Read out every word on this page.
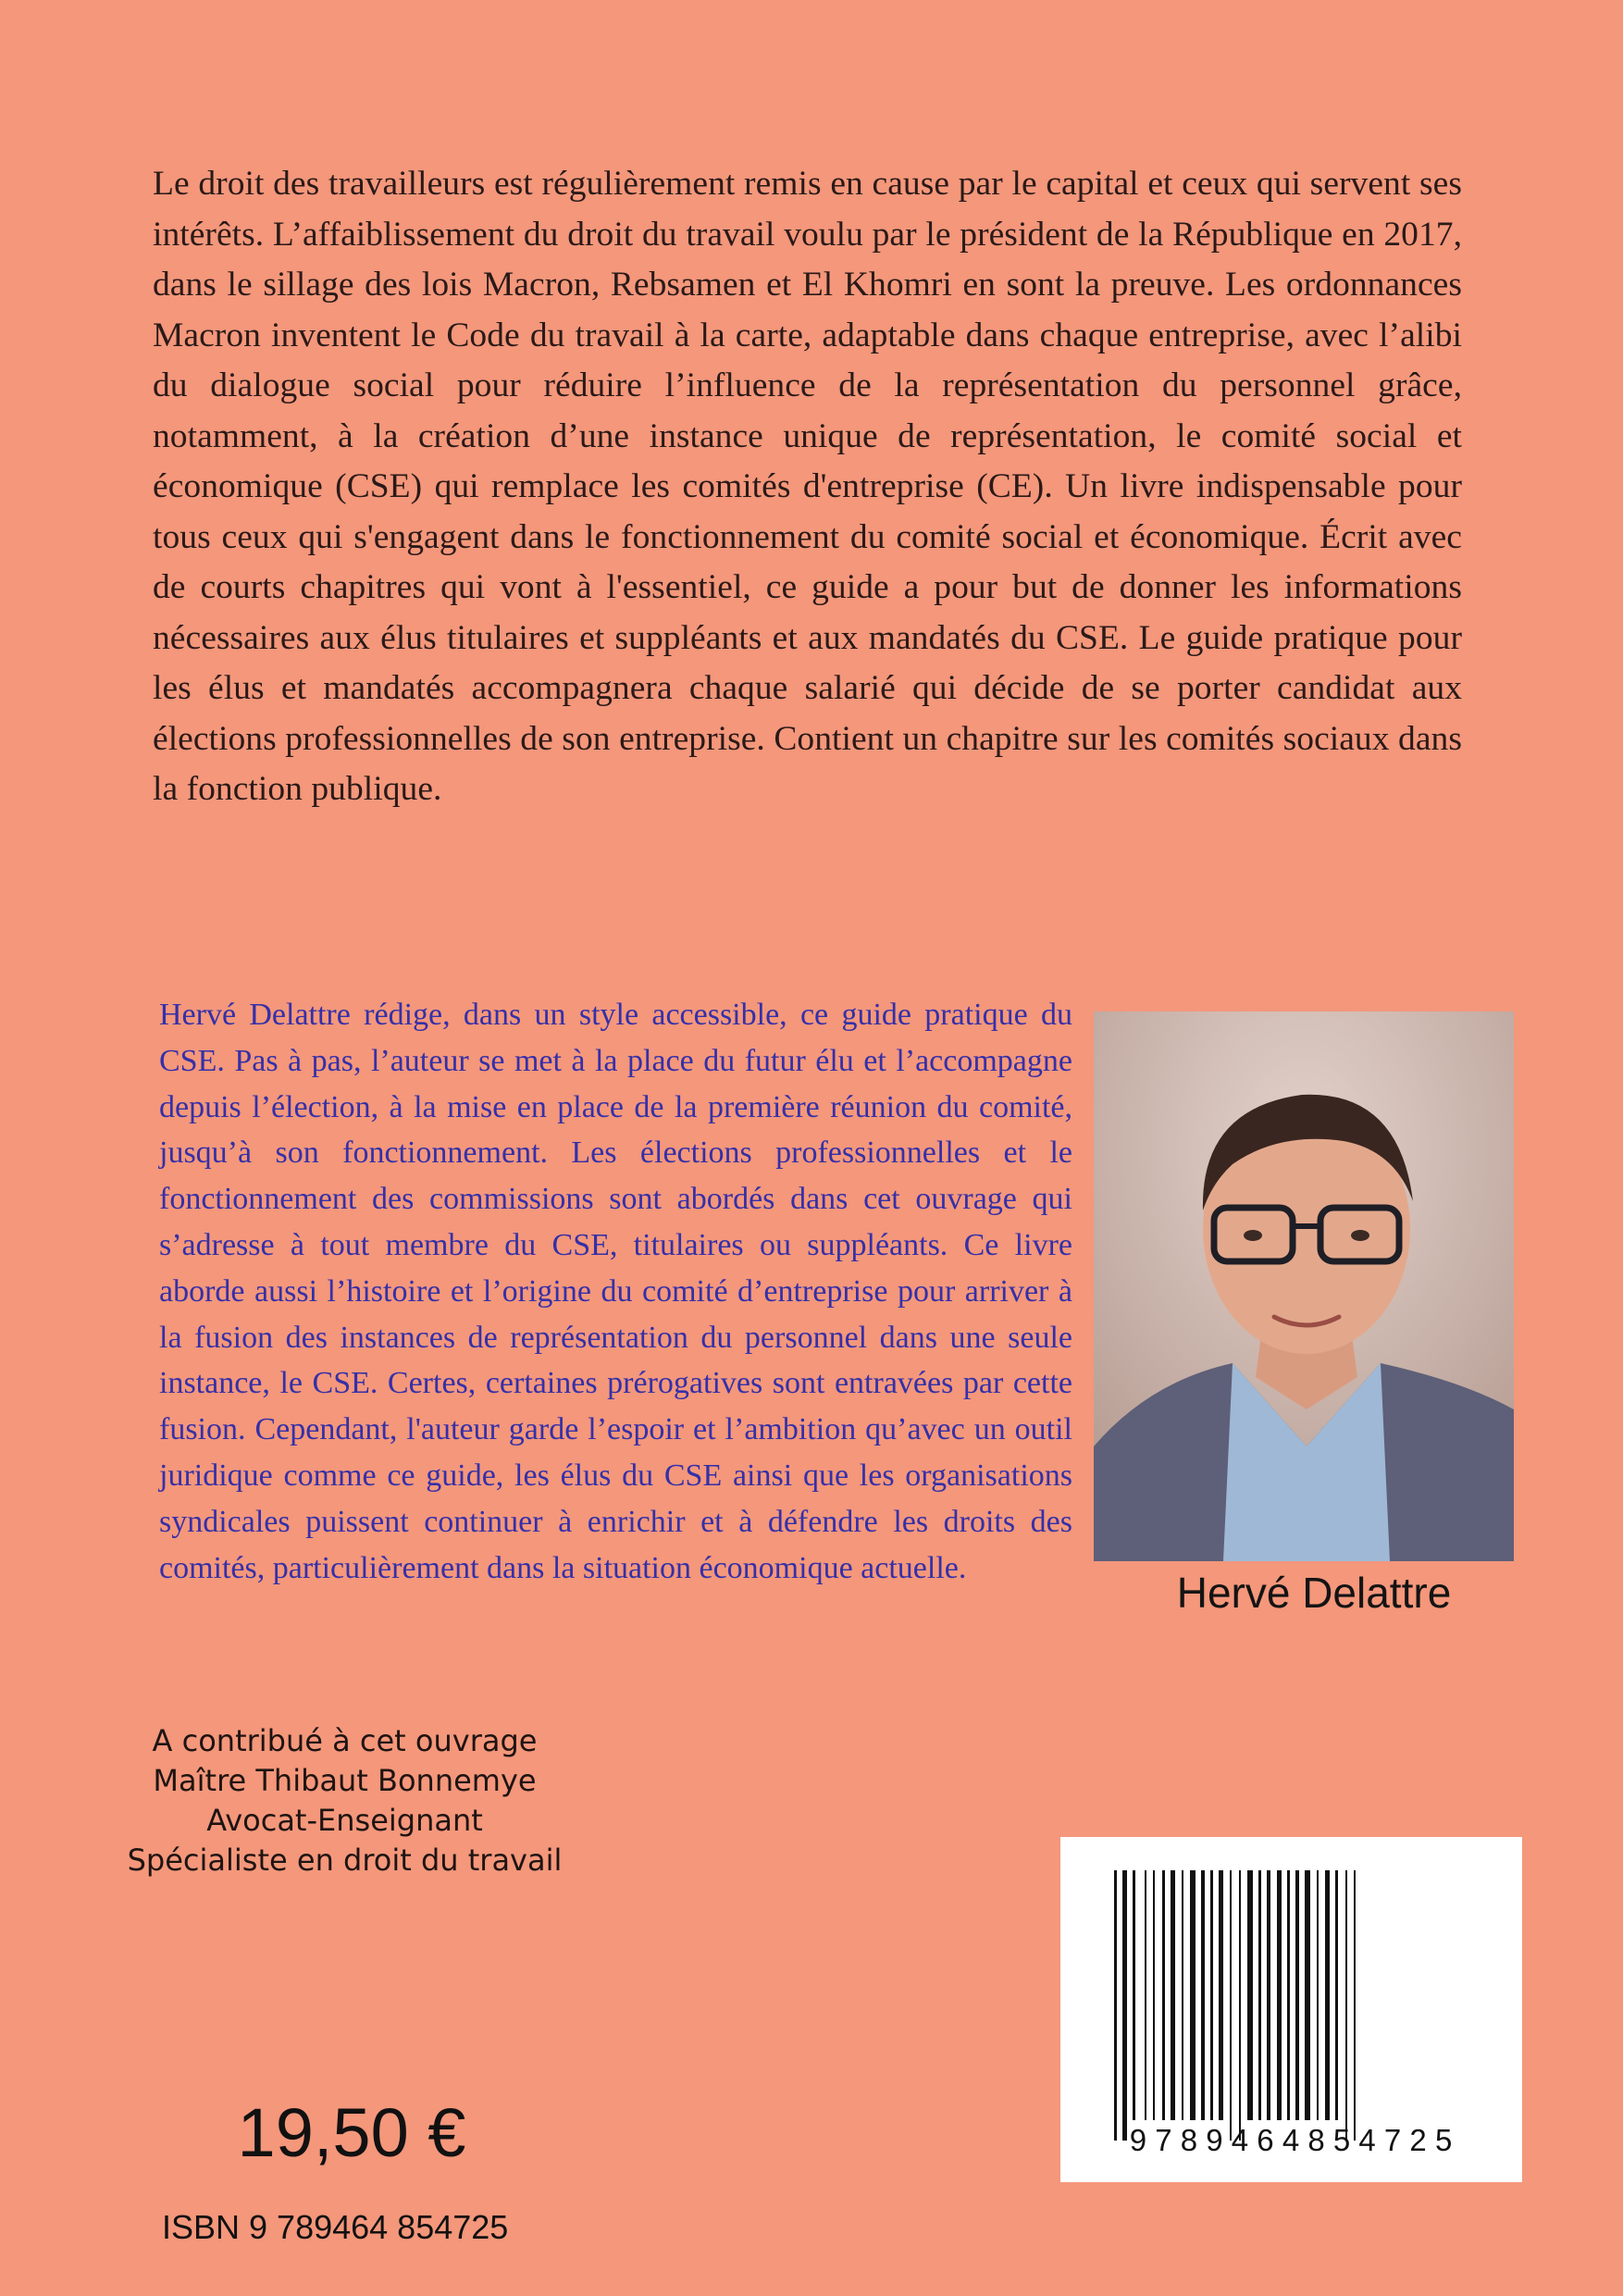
Le droit des travailleurs est régulièrement remis en cause par le capital et ceux qui servent ses intérêts. L’affaiblissement du droit du travail voulu par le président de la République en 2017, dans le sillage des lois Macron, Rebsamen et El Khomri en sont la preuve. Les ordonnances Macron inventent le Code du travail à la carte, adaptable dans chaque entreprise, avec l’alibi du dialogue social pour réduire l’influence de la représentation du personnel grâce, notamment, à la création d’une instance unique de représentation, le comité social et économique (CSE) qui remplace les comités d'entreprise (CE). Un livre indispensable pour tous ceux qui s'engagent dans le fonctionnement du comité social et économique. Écrit avec de courts chapitres qui vont à l'essentiel, ce guide a pour but de donner les informations nécessaires aux élus titulaires et suppléants et aux mandatés du CSE. Le guide pratique pour les élus et mandatés accompagnera chaque salarié qui décide de se porter candidat aux élections professionnelles de son entreprise. Contient un chapitre sur les comités sociaux dans la fonction publique.

Hervé Delattre rédige, dans un style accessible, ce guide pratique du CSE. Pas à pas, l’auteur se met à la place du futur élu et l’accompagne depuis l’élection, à la mise en place de la première réunion du comité, jusqu’à son fonctionnement. Les élections professionnelles et le fonctionnement des commissions sont abordés dans cet ouvrage qui s’adresse à tout membre du CSE, titulaires ou suppléants. Ce livre aborde aussi l’histoire et l’origine du comité d’entreprise pour arriver à la fusion des instances de représentation du personnel dans une seule instance, le CSE. Certes, certaines prérogatives sont entravées par cette fusion. Cependant, l'auteur garde l’espoir et l’ambition qu’avec un outil juridique comme ce guide, les élus du CSE ainsi que les organisations syndicales puissent continuer à enrichir et à défendre les droits des comités, particulièrement dans la situation économique actuelle.

Hervé Delattre

A contribué à cet ouvrage
Maître Thibaut Bonnemye
Avocat-Enseignant
Spécialiste en droit du travail

19,50 €

ISBN 9 789464 854725

9 7 8 9 4 6 4 8 5 4 7 2 5
